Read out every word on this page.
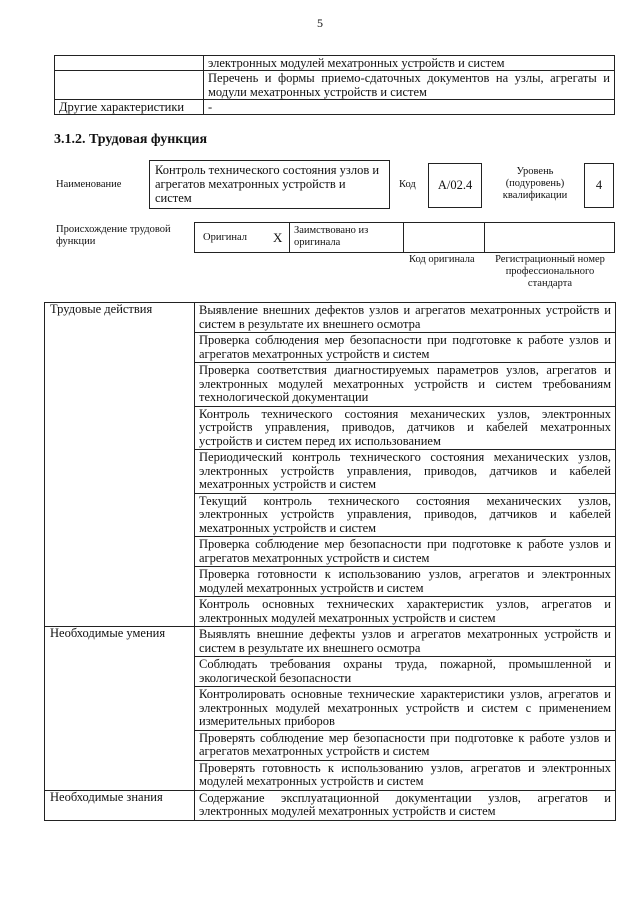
5
	электронных модулей мехатронных устройств и систем
	Перечень и формы приемо-сдаточных документов на узлы, агрегаты и модули мехатронных устройств и систем
Другие характеристики	-
3.1.2. Трудовая функция
Наименование
Контроль технического состояния узлов и агрегатов мехатронных устройств и систем
Код	А/02.4
Уровень (подуровень) квалификации
4
Происхождение трудовой функции	Оригинал X Заимствовано из оригинала
Код оригинала	Регистрационный номер профессионального стандарта
Трудовые действия	Выявление внешних дефектов узлов и агрегатов мехатронных устройств и систем в результате их внешнего осмотра
	Проверка соблюдения мер безопасности при подготовке к работе узлов и агрегатов мехатронных устройств и систем
	Проверка соответствия диагностируемых параметров узлов, агрегатов и электронных модулей мехатронных устройств и систем требованиям технологической документации
	Контроль технического состояния механических узлов, электронных устройств управления, приводов, датчиков и кабелей мехатронных устройств и систем перед их использованием
	Периодический контроль технического состояния механических узлов, электронных устройств управления, приводов, датчиков и кабелей мехатронных устройств и систем
	Текущий контроль технического состояния механических узлов, электронных устройств управления, приводов, датчиков и кабелей мехатронных устройств и систем
	Проверка соблюдение мер безопасности при подготовке к работе узлов и агрегатов мехатронных устройств и систем
	Проверка готовности к использованию узлов, агрегатов и электронных модулей мехатронных устройств и систем
	Контроль основных технических характеристик узлов, агрегатов и электронных модулей мехатронных устройств и систем
Необходимые умения	Выявлять внешние дефекты узлов и агрегатов мехатронных устройств и систем в результате их внешнего осмотра
	Соблюдать требования охраны труда, пожарной, промышленной и экологической безопасности
	Контролировать основные технические характеристики узлов, агрегатов и электронных модулей мехатронных устройств и систем с применением измерительных приборов
	Проверять соблюдение мер безопасности при подготовке к работе узлов и агрегатов мехатронных устройств и систем
	Проверять готовность к использованию узлов, агрегатов и электронных модулей мехатронных устройств и систем
Необходимые знания	Содержание эксплуатационной документации узлов, агрегатов и электронных модулей мехатронных устройств и систем
